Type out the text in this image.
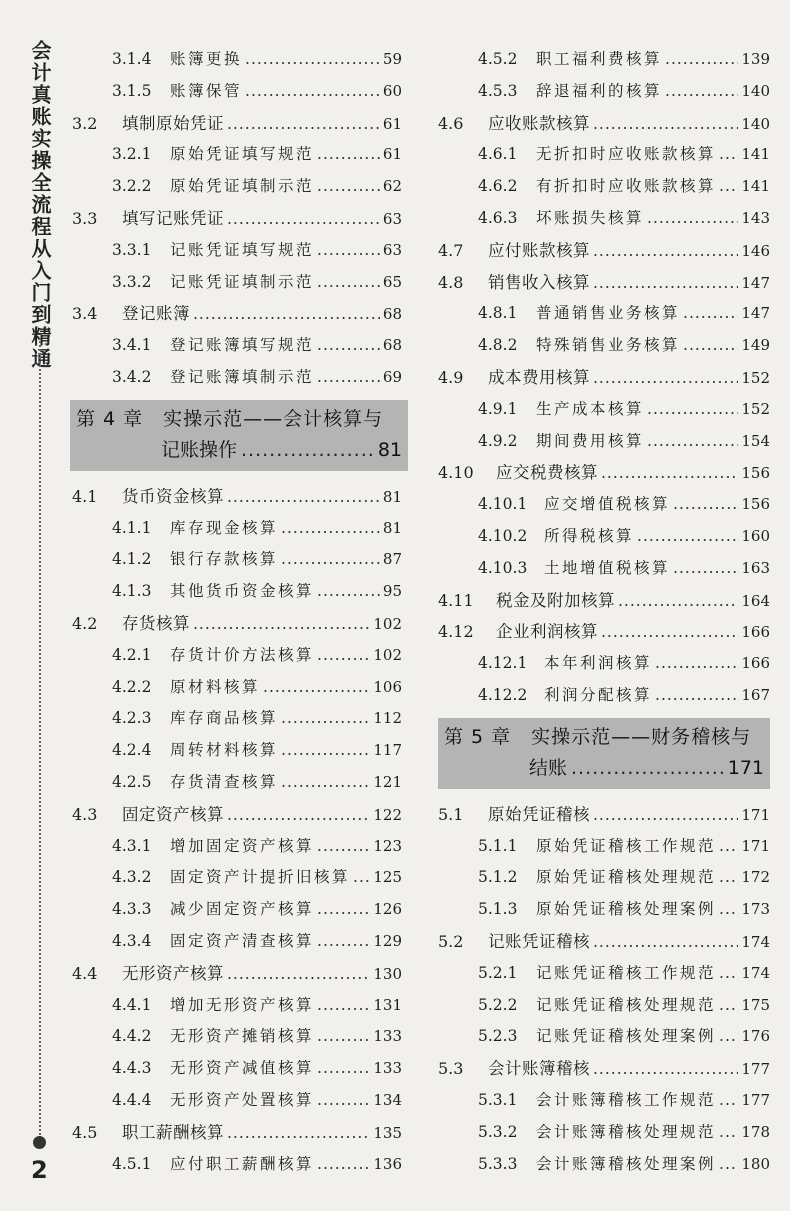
会计真账实操全流程从入门到精通
2
3.1.4	账簿更换 .....	59
3.1.5	账簿保管 .....	60
3.2	填制原始凭证 .....	61
3.2.1	原始凭证填写规范 .....	61
3.2.2	原始凭证填制示范 .....	62
3.3	填写记账凭证 .....	63
3.3.1	记账凭证填写规范 .....	63
3.3.2	记账凭证填制示范 .....	65
3.4	登记账簿 .....	68
3.4.1	登记账簿填写规范 .....	68
3.4.2	登记账簿填制示范 .....	69
第 4 章　实操示范——会计核算与
记账操作 .....	81
4.1	货币资金核算 .....	81
4.1.1	库存现金核算 .....	81
4.1.2	银行存款核算 .....	87
4.1.3	其他货币资金核算 .....	95
4.2	存货核算 .....	102
4.2.1	存货计价方法核算 .....	102
4.2.2	原材料核算 .....	106
4.2.3	库存商品核算 .....	112
4.2.4	周转材料核算 .....	117
4.2.5	存货清查核算 .....	121
4.3	固定资产核算 .....	122
4.3.1	增加固定资产核算 .....	123
4.3.2	固定资产计提折旧核算 ..... 125
4.3.3	减少固定资产核算 .....	126
4.3.4	固定资产清查核算 .....	129
4.4	无形资产核算 .....	130
4.4.1	增加无形资产核算 .....	131
4.4.2	无形资产摊销核算 .....	133
4.4.3	无形资产减值核算 .....	133
4.4.4	无形资产处置核算 .....	134
4.5	职工薪酬核算 .....	135
4.5.1	应付职工薪酬核算 .....	136
4.5.2	职工福利费核算 .....	139
4.5.3	辞退福利的核算 .....	140
4.6	应收账款核算 .....	140
4.6.1	无折扣时应收账款核算 ..... 141
4.6.2	有折扣时应收账款核算 ..... 141
4.6.3	坏账损失核算 .....	143
4.7	应付账款核算 .....	146
4.8	销售收入核算 .....	147
4.8.1	普通销售业务核算 .....	147
4.8.2	特殊销售业务核算 .....	149
4.9	成本费用核算 .....	152
4.9.1	生产成本核算 .....	152
4.9.2	期间费用核算 .....	154
4.10	应交税费核算 .....	156
4.10.1	应交增值税核算 .....	156
4.10.2	所得税核算 .....	160
4.10.3	土地增值税核算 .....	163
4.11	税金及附加核算 .....	164
4.12	企业利润核算 .....	166
4.12.1	本年利润核算 .....	166
4.12.2	利润分配核算 .....	167
第 5 章　实操示范——财务稽核与
结账 .....	171
5.1	原始凭证稽核 .....	171
5.1.1	原始凭证稽核工作规范 ..... 171
5.1.2	原始凭证稽核处理规范 ..... 172
5.1.3	原始凭证稽核处理案例 ..... 173
5.2	记账凭证稽核 .....	174
5.2.1	记账凭证稽核工作规范 ..... 174
5.2.2	记账凭证稽核处理规范 ..... 175
5.2.3	记账凭证稽核处理案例 ..... 176
5.3	会计账簿稽核 .....	177
5.3.1	会计账簿稽核工作规范 ..... 177
5.3.2	会计账簿稽核处理规范 ..... 178
5.3.3	会计账簿稽核处理案例 ..... 180
